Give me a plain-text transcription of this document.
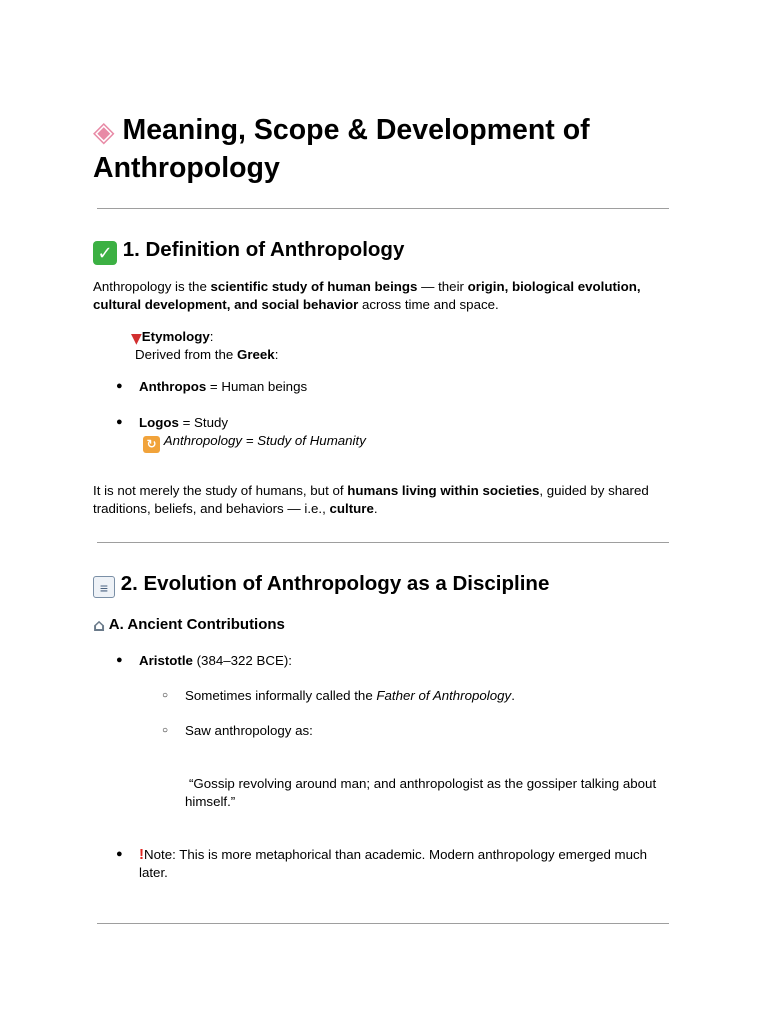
◈ Meaning, Scope & Development of Anthropology
✓ 1. Definition of Anthropology

Anthropology is the scientific study of human beings — their origin, biological evolution, cultural development, and social behavior across time and space.

▼Etymology:
Derived from the Greek:
● Anthropos = Human beings
● Logos = Study
↻ Anthropology = Study of Humanity

It is not merely the study of humans, but of humans living within societies, guided by shared traditions, beliefs, and behaviors — i.e., culture.

≡ 2. Evolution of Anthropology as a Discipline
⌂ A. Ancient Contributions
● Aristotle (384–322 BCE):
○ Sometimes informally called the Father of Anthropology.
○ Saw anthropology as:

“Gossip revolving around man; and anthropologist as the gossiper talking about himself.”

● !Note: This is more metaphorical than academic. Modern anthropology emerged much later.
